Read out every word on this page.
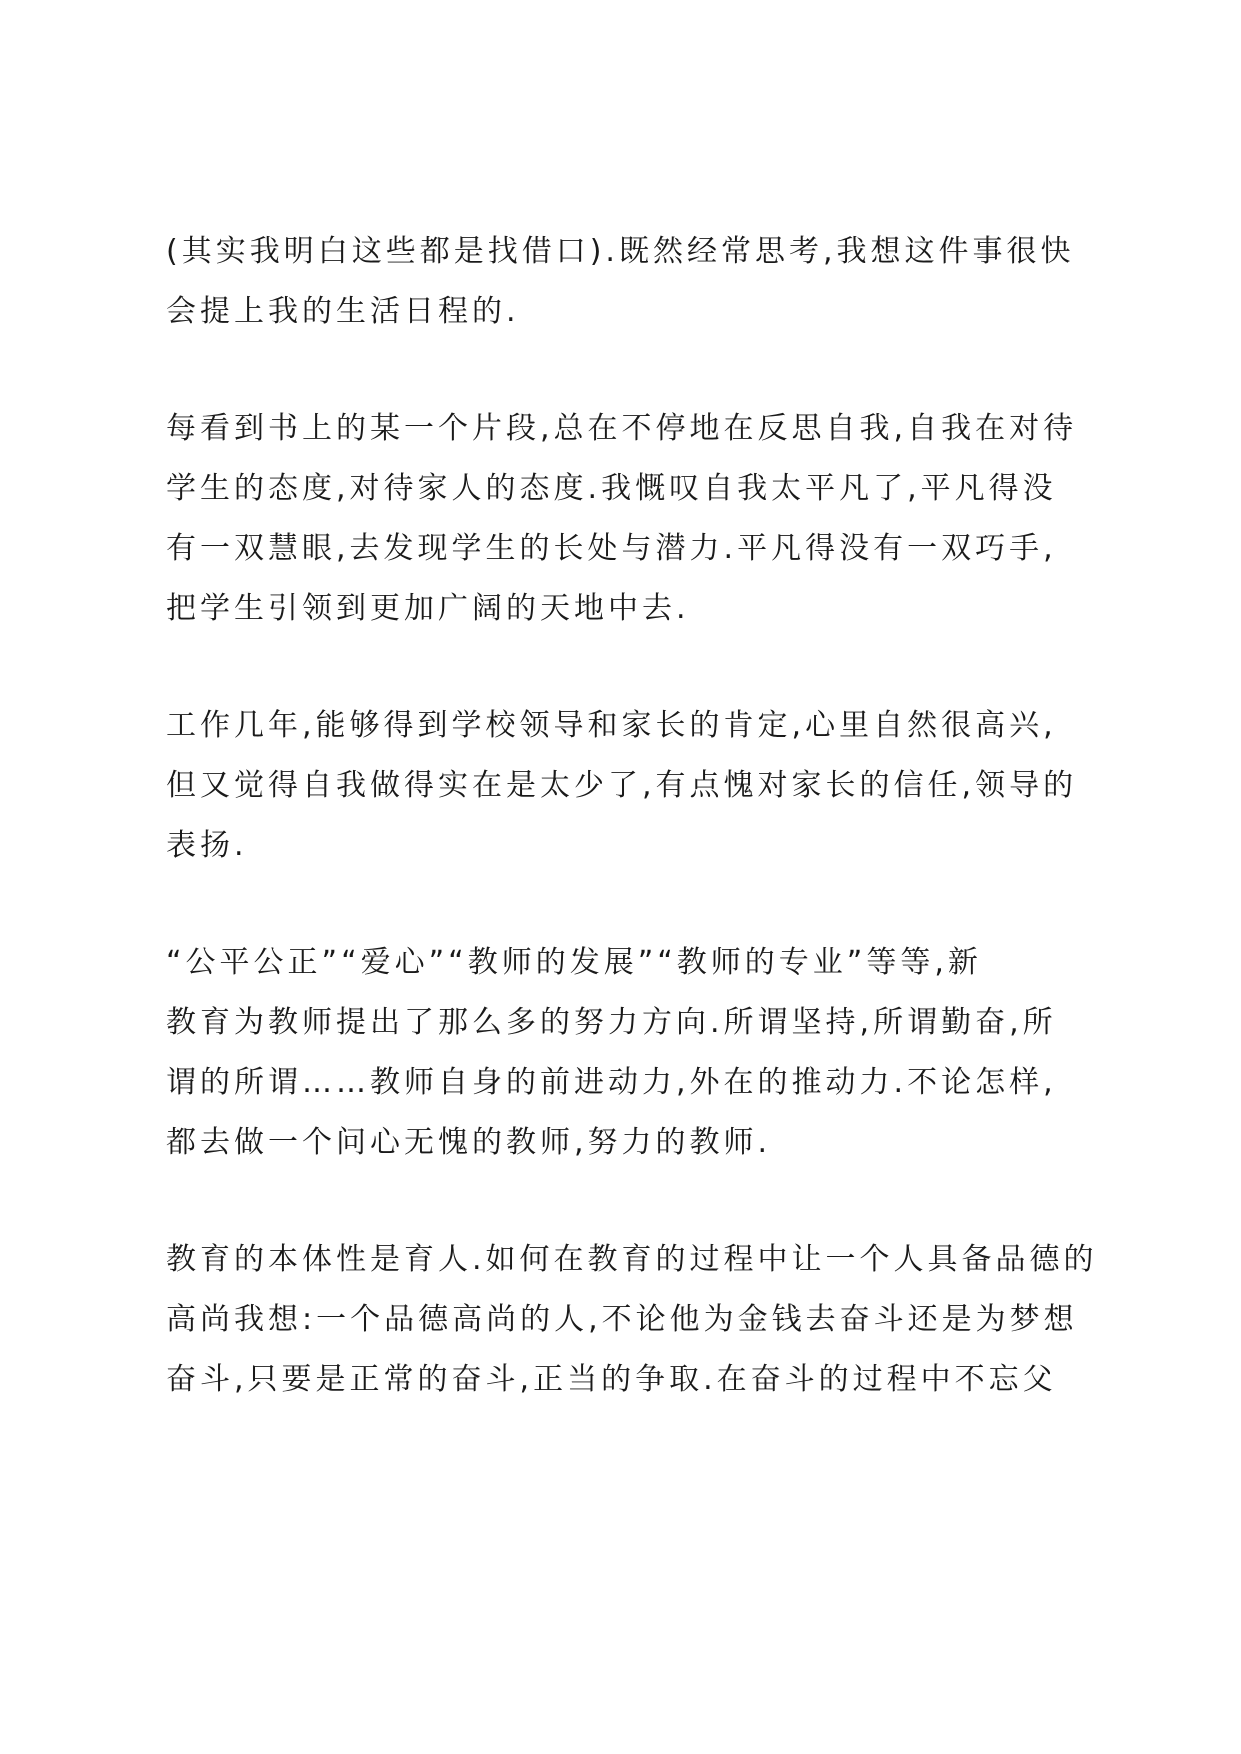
(其实我明白这些都是找借口).既然经常思考,我想这件事很快
会提上我的生活日程的.
每看到书上的某一个片段,总在不停地在反思自我,自我在对待
学生的态度,对待家人的态度.我慨叹自我太平凡了,平凡得没
有一双慧眼,去发现学生的长处与潜力.平凡得没有一双巧手,
把学生引领到更加广阔的天地中去.
工作几年,能够得到学校领导和家长的肯定,心里自然很高兴,
但又觉得自我做得实在是太少了,有点愧对家长的信任,领导的
表扬.
“公平公正”“爱心”“教师的发展”“教师的专业”等等,新
教育为教师提出了那么多的努力方向.所谓坚持,所谓勤奋,所
谓的所谓……教师自身的前进动力,外在的推动力.不论怎样,
都去做一个问心无愧的教师,努力的教师.
教育的本体性是育人.如何在教育的过程中让一个人具备品德的
高尚我想:一个品德高尚的人,不论他为金钱去奋斗还是为梦想
奋斗,只要是正常的奋斗,正当的争取.在奋斗的过程中不忘父
